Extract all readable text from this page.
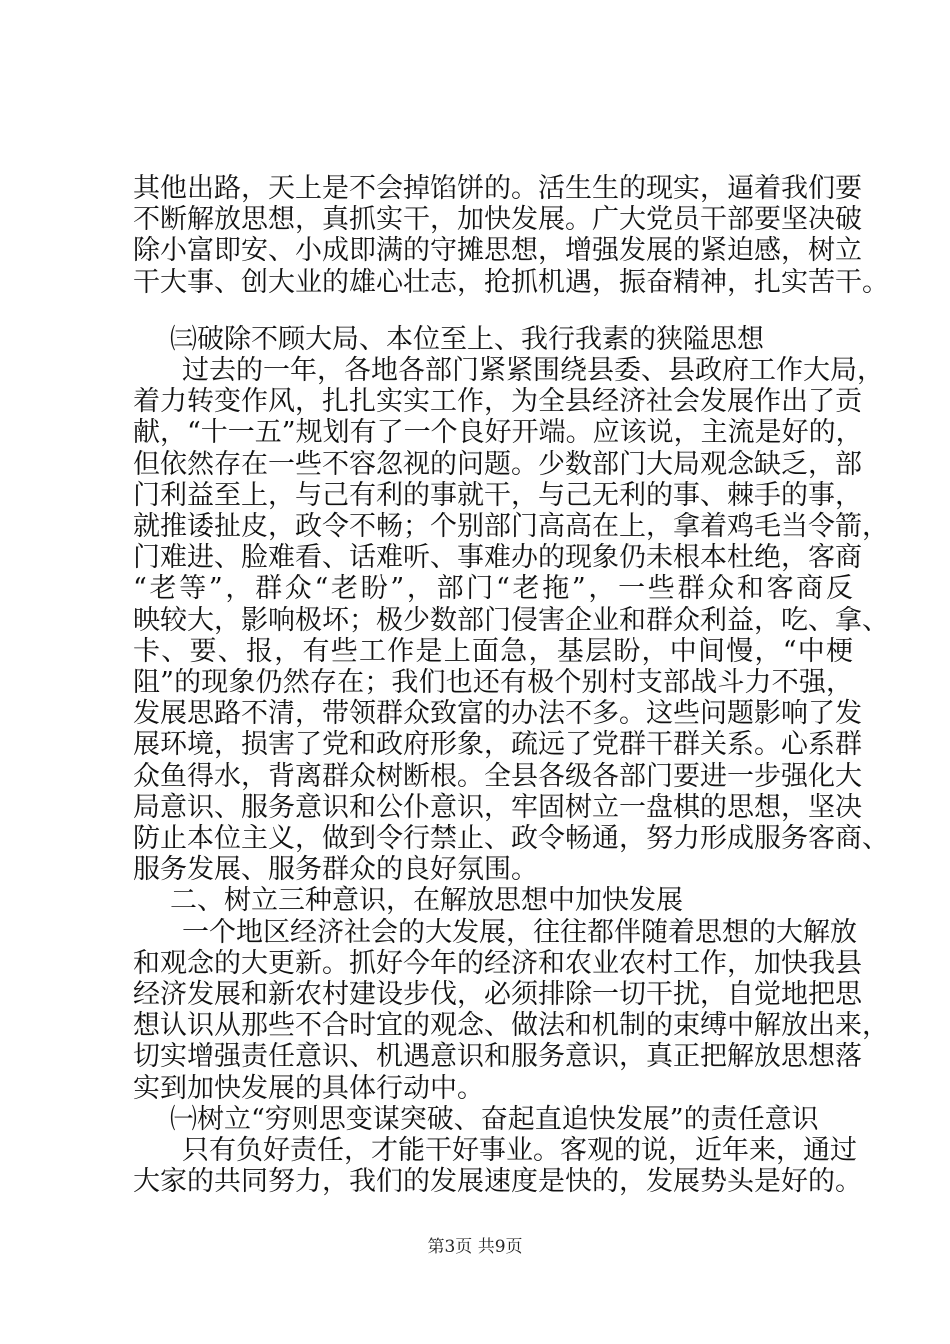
其他出路，天上是不会掉馅饼的。活生生的现实，逼着我们要
不断解放思想，真抓实干，加快发展。广大党员干部要坚决破
除小富即安、小成即满的守摊思想，增强发展的紧迫感，树立
干大事、创大业的雄心壮志，抢抓机遇，振奋精神，扎实苦干。
㈢破除不顾大局、本位至上、我行我素的狭隘思想
过去的一年，各地各部门紧紧围绕县委、县政府工作大局，
着力转变作风，扎扎实实工作，为全县经济社会发展作出了贡
献，“十一五”规划有了一个良好开端。应该说，主流是好的，
但依然存在一些不容忽视的问题。少数部门大局观念缺乏，部
门利益至上，与己有利的事就干，与己无利的事、棘手的事，
就推诿扯皮，政令不畅；个别部门高高在上，拿着鸡毛当令箭，
门难进、脸难看、话难听、事难办的现象仍未根本杜绝，客商
“老等”，群众“老盼”，部门“老拖”，一些群众和客商反
映较大，影响极坏；极少数部门侵害企业和群众利益，吃、拿、
卡、要、报，有些工作是上面急，基层盼，中间慢，“中梗
阻”的现象仍然存在；我们也还有极个别村支部战斗力不强，
发展思路不清，带领群众致富的办法不多。这些问题影响了发
展环境，损害了党和政府形象，疏远了党群干群关系。心系群
众鱼得水，背离群众树断根。全县各级各部门要进一步强化大
局意识、服务意识和公仆意识，牢固树立一盘棋的思想，坚决
防止本位主义，做到令行禁止、政令畅通，努力形成服务客商、
服务发展、服务群众的良好氛围。
二、树立三种意识，在解放思想中加快发展
一个地区经济社会的大发展，往往都伴随着思想的大解放
和观念的大更新。抓好今年的经济和农业农村工作，加快我县
经济发展和新农村建设步伐，必须排除一切干扰，自觉地把思
想认识从那些不合时宜的观念、做法和机制的束缚中解放出来，
切实增强责任意识、机遇意识和服务意识，真正把解放思想落
实到加快发展的具体行动中。
㈠树立“穷则思变谋突破、奋起直追快发展”的责任意识
只有负好责任，才能干好事业。客观的说，近年来，通过
大家的共同努力，我们的发展速度是快的，发展势头是好的。
第3页 共9页
